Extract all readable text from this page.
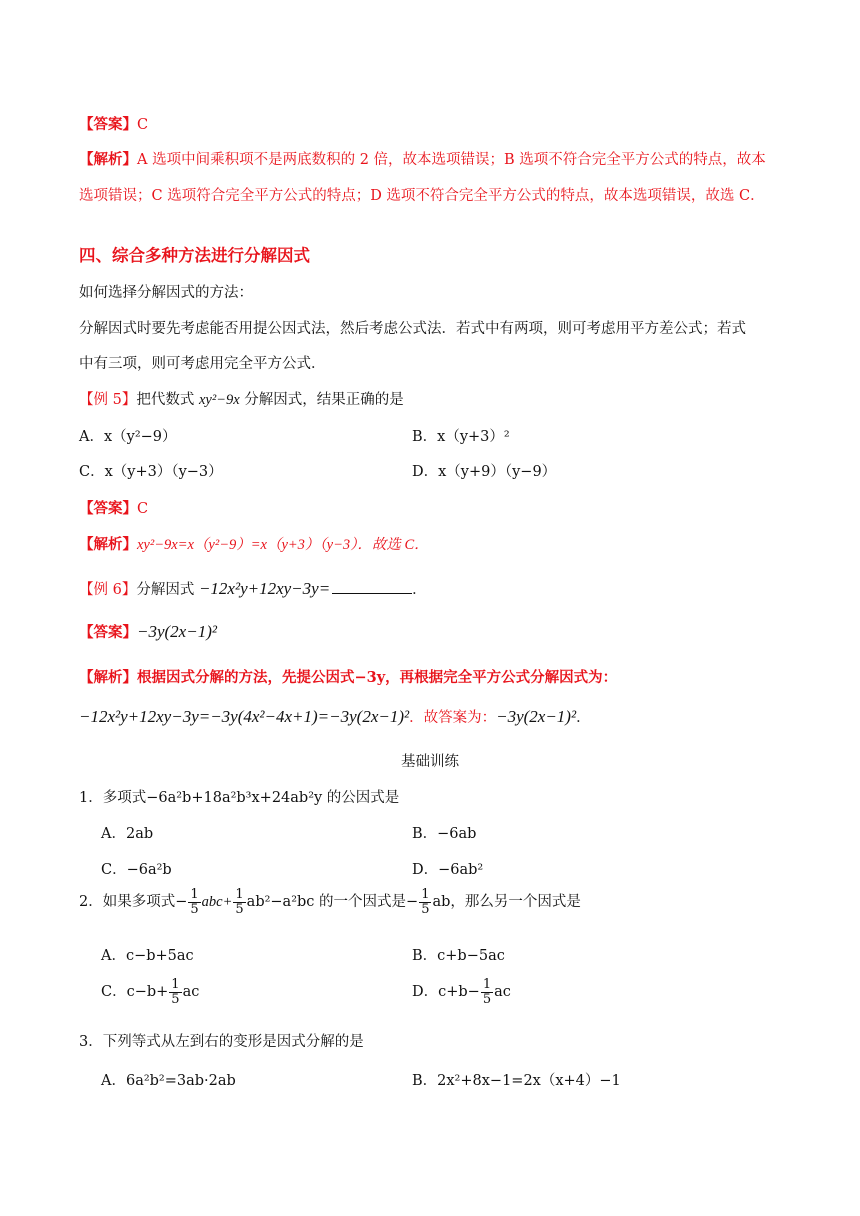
【答案】C
【解析】A 选项中间乘积项不是两底数积的 2 倍，故本选项错误；B 选项不符合完全平方公式的特点，故本
选项错误；C 选项符合完全平方公式的特点；D 选项不符合完全平方公式的特点，故本选项错误，故选 C．
四、综合多种方法进行分解因式
如何选择分解因式的方法：
分解因式时要先考虑能否用提公因式法，然后考虑公式法．若式中有两项，则可考虑用平方差公式；若式
中有三项，则可考虑用完全平方公式．
【例 5】把代数式 xy²−9x 分解因式，结果正确的是
A．x（y²−9）	B．x（y+3）²
C．x（y+3）（y−3）	D．x（y+9）（y−9）
【答案】C
【解析】xy²−9x=x（y²−9）=x（y+3）（y−3）．故选 C．
【例 6】分解因式 −12x²y+12xy−3y=	．
【答案】−3y(2x−1)²
【解析】根据因式分解的方法，先提公因式−3y，再根据完全平方公式分解因式为：
−12x²y+12xy−3y=−3y(4x²−4x+1)=−3y(2x−1)²．故答案为：−3y(2x−1)²．
基础训练
1．多项式−6a²b+18a²b³x+24ab²y 的公因式是
A．2ab	B．−6ab
C．−6a²b	D．−6ab²
2．如果多项式− $\frac{1}{5} abc+ \frac{1}{5} ab^2-a^2bc$ 的一个因式是− $\frac{1}{5}$ ab，那么另一个因式是
A．c−b+5ac	B．c+b−5ac
C．$c-b+ \frac{1}{5}$ ac	D．$c+b- \frac{1}{5}$ ac
3．下列等式从左到右的变形是因式分解的是
A．6a²b²=3ab·2ab	B．2x²+8x−1=2x（x+4）−1
